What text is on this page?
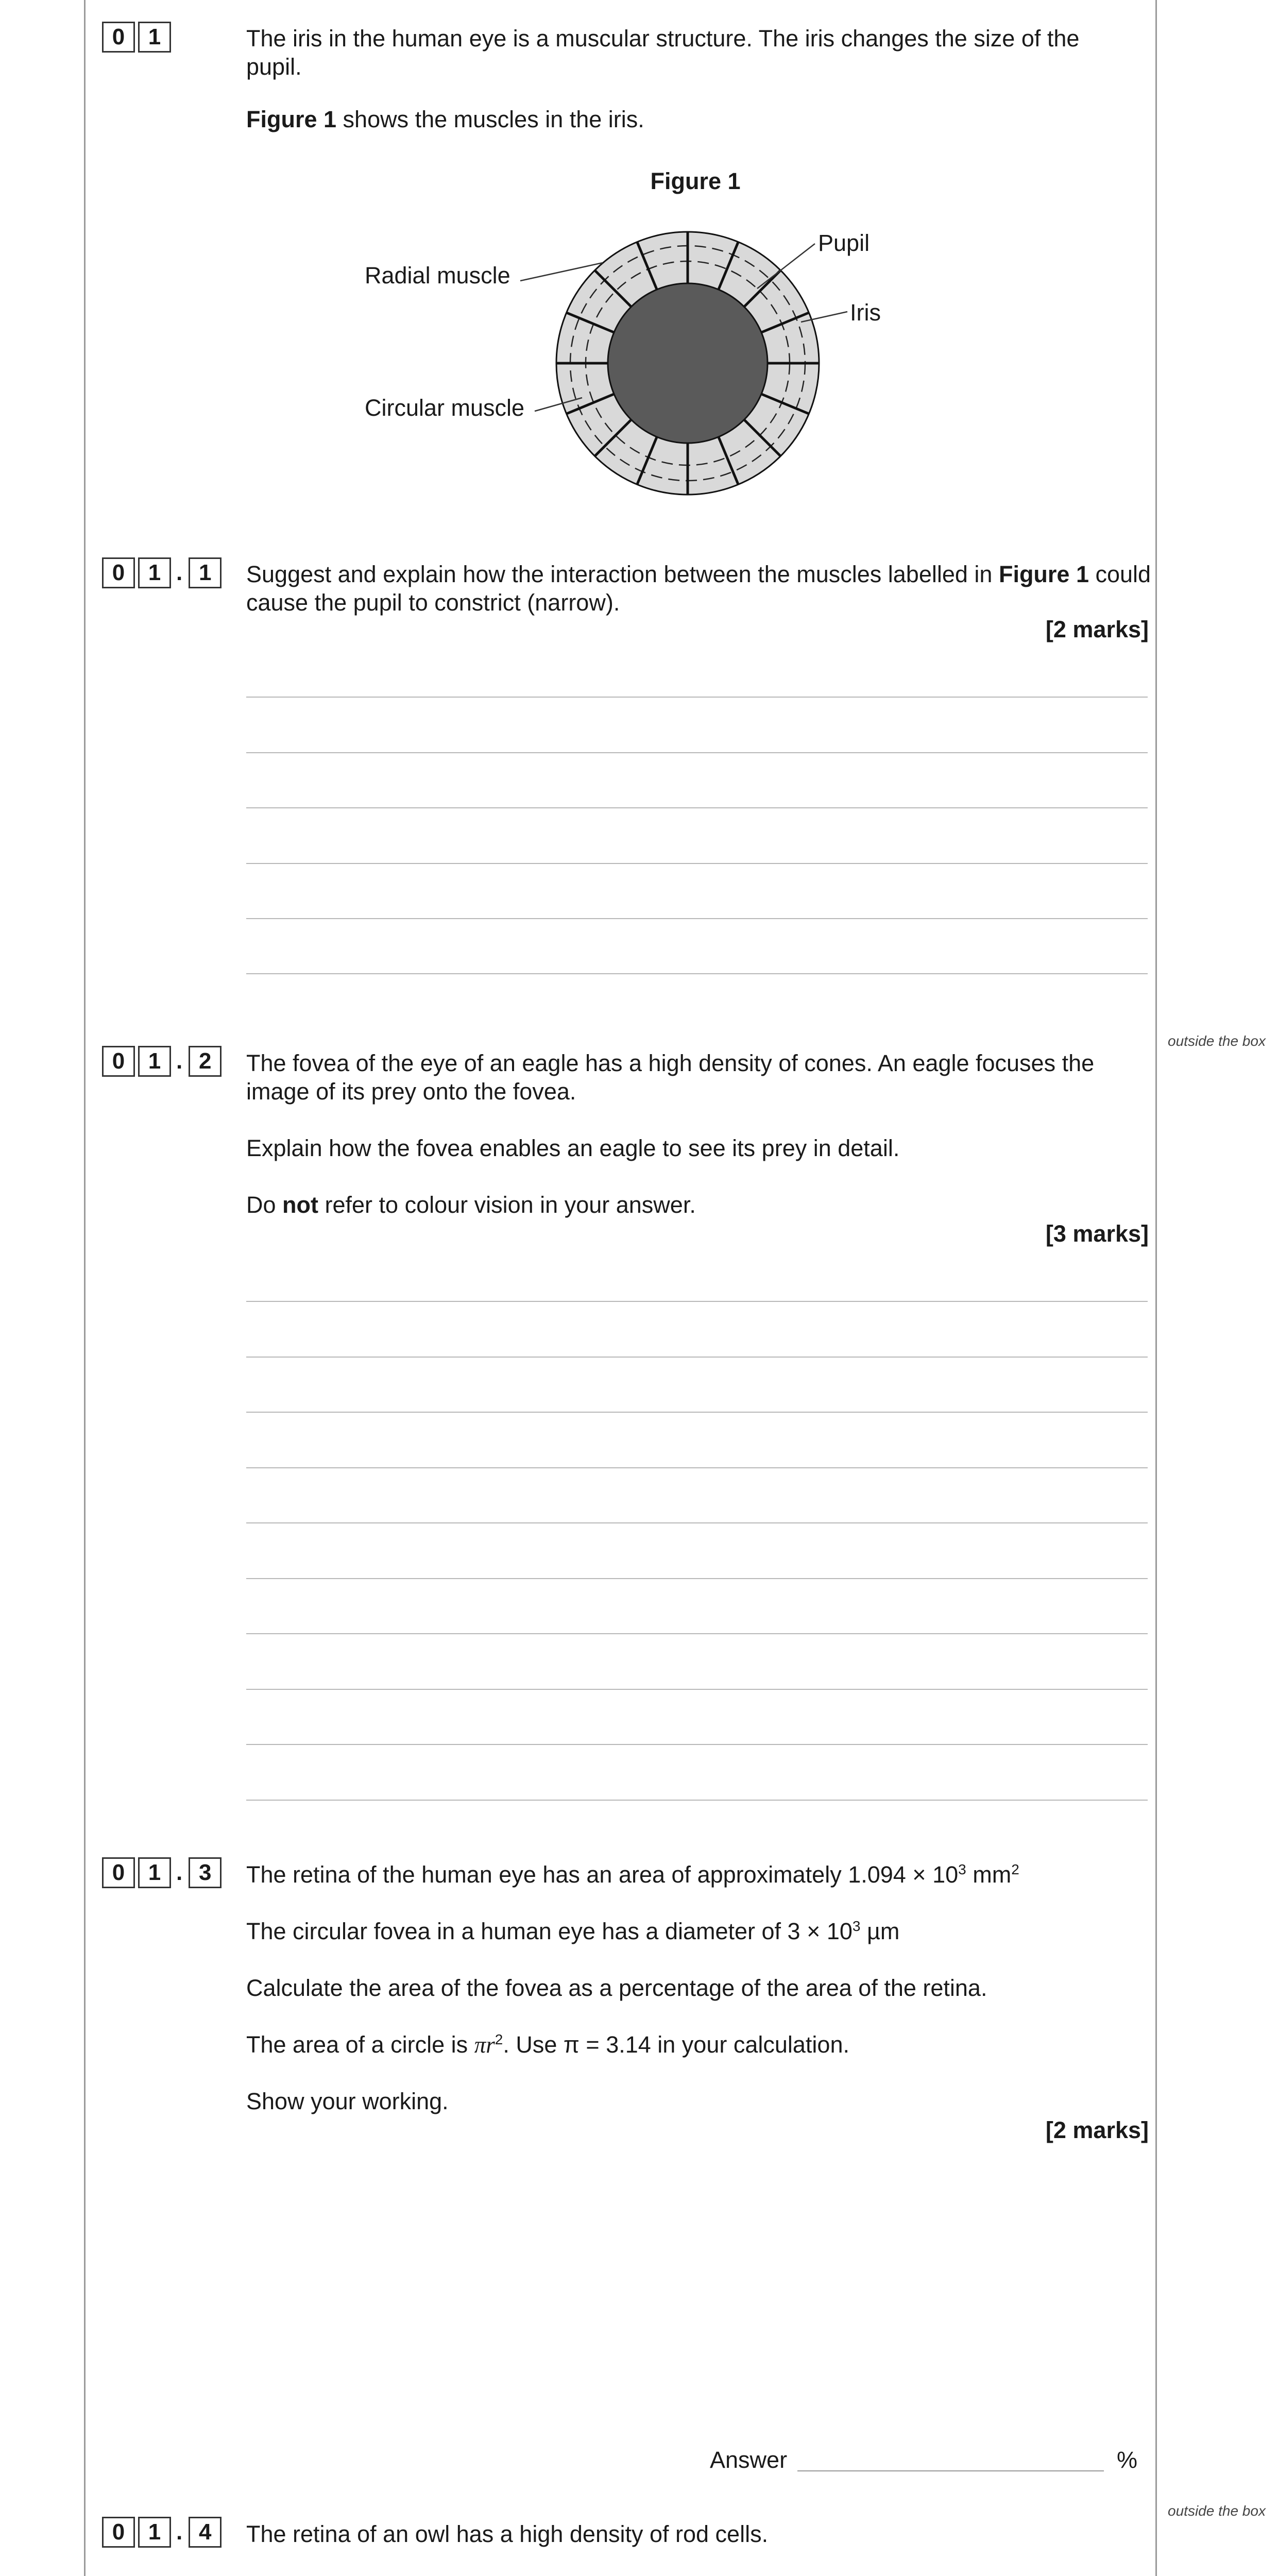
0	1	The iris in the human eye is a muscular structure. The iris changes the size of the pupil.

Figure 1 shows the muscles in the iris.

Figure 1
Radial muscle
Pupil
Iris
Circular muscle
0	1 . 1	Suggest and explain how the interaction between the muscles labelled in Figure 1 could cause the pupil to constrict (narrow).

[2 marks]
outside the box
0	1 . 2	The fovea of the eye of an eagle has a high density of cones. An eagle focuses the image of its prey onto the fovea.

Explain how the fovea enables an eagle to see its prey in detail.

Do not refer to colour vision in your answer.

[3 marks]
0	1 . 3	The retina of the human eye has an area of approximately $1.094 \times 10^3$ $mm^2$

The circular fovea in a human eye has a diameter of $3 \times 10^3$ µm

Calculate the area of the fovea as a percentage of the area of the retina.

The area of a circle is $\pi r^2$. Use π = 3.14 in your calculation.

Show your working.

[2 marks]
Answer	%
outside the box
0	1 . 4	The retina of an owl has a high density of rod cells.
